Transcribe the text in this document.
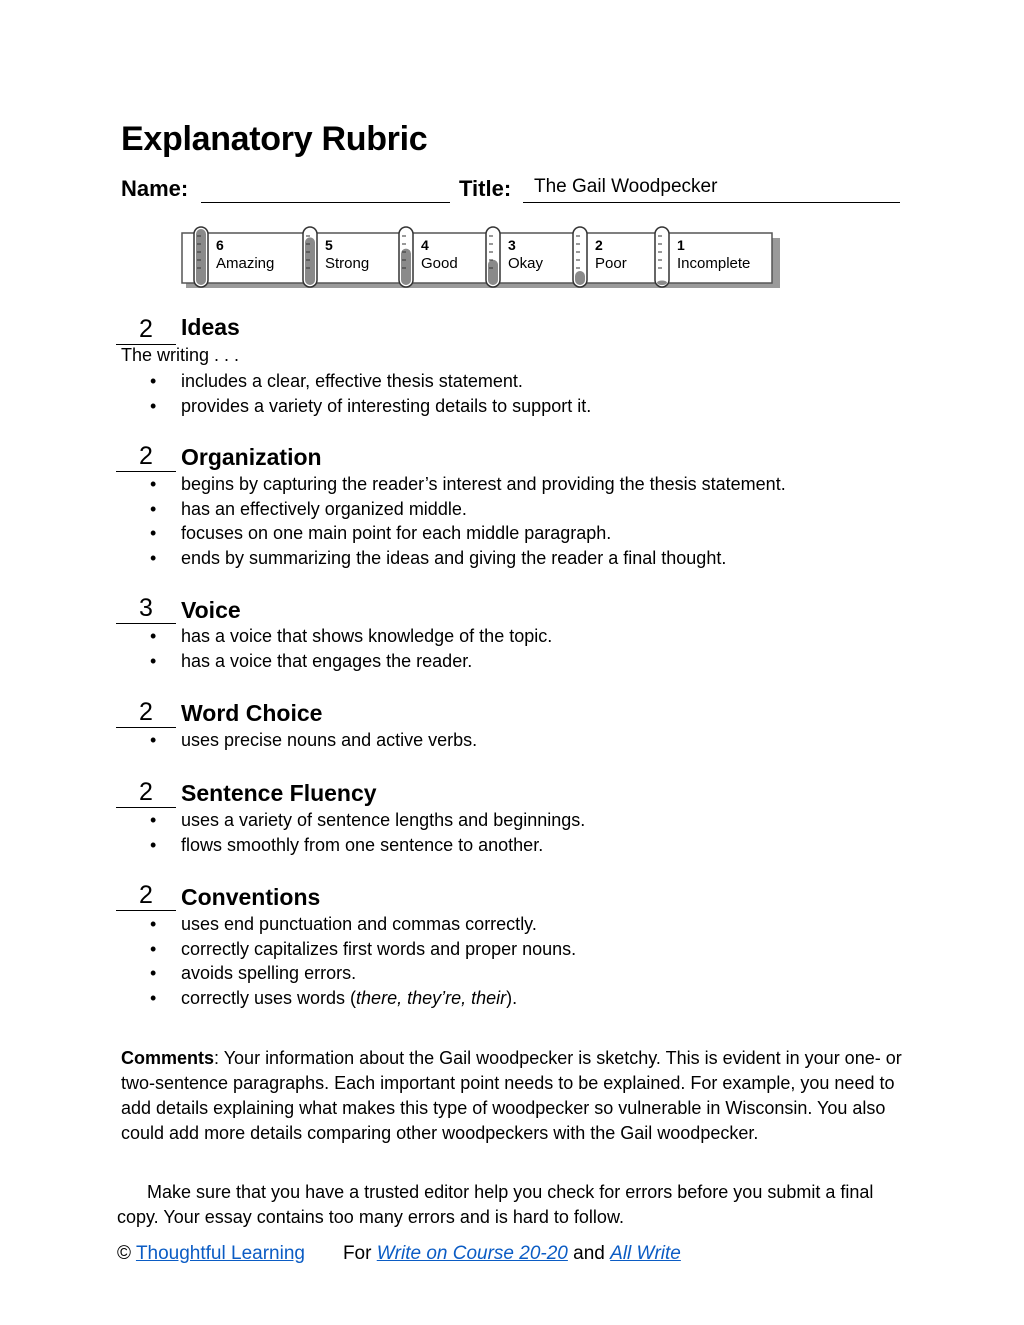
Explanatory Rubric
Name:	Title: The Gail Woodpecker
6
Amazing
5
Strong
4
Good
3
Okay
2
Poor
1
Incomplete
2	Ideas
The writing . . .
• includes a clear, effective thesis statement.
• provides a variety of interesting details to support it.
2	Organization
• begins by capturing the reader’s interest and providing the thesis statement.
• has an effectively organized middle.
• focuses on one main point for each middle paragraph.
• ends by summarizing the ideas and giving the reader a final thought.
3	Voice
• has a voice that shows knowledge of the topic.
• has a voice that engages the reader.
2	Word Choice
• uses precise nouns and active verbs.
2	Sentence Fluency
• uses a variety of sentence lengths and beginnings.
• flows smoothly from one sentence to another.
2	Conventions
• uses end punctuation and commas correctly.
• correctly capitalizes first words and proper nouns.
• avoids spelling errors.
• correctly uses words (there, they’re, their).
Comments: Your information about the Gail woodpecker is sketchy. This is evident in your one- or two-sentence paragraphs. Each important point needs to be explained. For example, you need to add details explaining what makes this type of woodpecker so vulnerable in Wisconsin. You also could add more details comparing other woodpeckers with the Gail woodpecker.
Make sure that you have a trusted editor help you check for errors before you submit a final copy. Your essay contains too many errors and is hard to follow.
© Thoughtful Learning For Write on Course 20-20 and All Write
